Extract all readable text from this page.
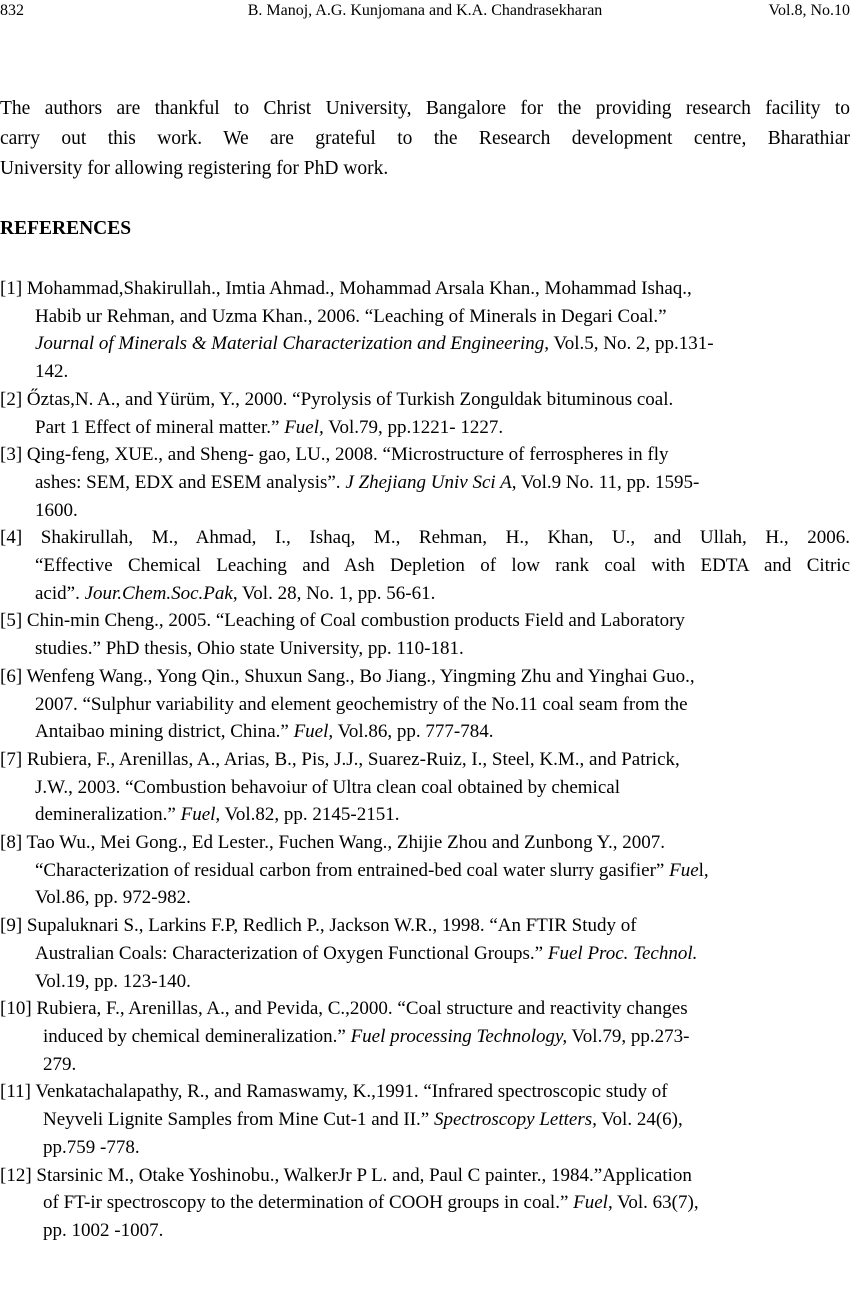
832	B. Manoj, A.G. Kunjomana and K.A. Chandrasekharan	Vol.8, No.10

The authors are thankful to Christ University, Bangalore for the providing research facility to
carry out this work. We are grateful to the Research development centre, Bharathiar
University for allowing registering for PhD work.

REFERENCES

[1] Mohammad,Shakirullah., Imtia Ahmad., Mohammad Arsala Khan., Mohammad Ishaq.,
Habib ur Rehman, and Uzma Khan., 2006. “Leaching of Minerals in Degari Coal.”
Journal of Minerals & Material Characterization and Engineering, Vol.5, No. 2, pp.131-
142.

[2] Őztas,N. A., and Yürüm, Y., 2000. “Pyrolysis of Turkish Zonguldak bituminous coal.
Part 1 Effect of mineral matter.” Fuel, Vol.79, pp.1221- 1227.

[3] Qing-feng, XUE., and Sheng- gao, LU., 2008. “Microstructure of ferrospheres in fly
ashes: SEM, EDX and ESEM analysis”. J Zhejiang Univ Sci A, Vol.9 No. 11, pp. 1595-
1600.

[4] Shakirullah, M., Ahmad, I., Ishaq, M., Rehman, H., Khan, U., and Ullah, H., 2006.
“Effective Chemical Leaching and Ash Depletion of low rank coal with EDTA and Citric
acid”. Jour.Chem.Soc.Pak, Vol. 28, No. 1, pp. 56-61.

[5] Chin-min Cheng., 2005. “Leaching of Coal combustion products Field and Laboratory
studies.” PhD thesis, Ohio state University, pp. 110-181.

[6] Wenfeng Wang., Yong Qin., Shuxun Sang., Bo Jiang., Yingming Zhu and Yinghai Guo.,
2007. “Sulphur variability and element geochemistry of the No.11 coal seam from the
Antaibao mining district, China.” Fuel, Vol.86, pp. 777-784.

[7] Rubiera, F., Arenillas, A., Arias, B., Pis, J.J., Suarez-Ruiz, I., Steel, K.M., and Patrick,
J.W., 2003. “Combustion behavoiur of Ultra clean coal obtained by chemical
demineralization.” Fuel, Vol.82, pp. 2145-2151.

[8] Tao Wu., Mei Gong., Ed Lester., Fuchen Wang., Zhijie Zhou and Zunbong Y., 2007.
“Characterization of residual carbon from entrained-bed coal water slurry gasifier” Fuel,
Vol.86, pp. 972-982.

[9] Supaluknari S., Larkins F.P, Redlich P., Jackson W.R., 1998. “An FTIR Study of
Australian Coals: Characterization of Oxygen Functional Groups.” Fuel Proc. Technol.
Vol.19, pp. 123-140.

[10] Rubiera, F., Arenillas, A., and Pevida, C.,2000. “Coal structure and reactivity changes
induced by chemical demineralization.” Fuel processing Technology, Vol.79, pp.273-
279.

[11] Venkatachalapathy, R., and Ramaswamy, K.,1991. “Infrared spectroscopic study of
Neyveli Lignite Samples from Mine Cut-1 and II.” Spectroscopy Letters, Vol. 24(6),
pp.759 -778.

[12] Starsinic M., Otake Yoshinobu., WalkerJr P L. and, Paul C painter., 1984.”Application
of FT-ir spectroscopy to the determination of COOH groups in coal.” Fuel, Vol. 63(7),
pp. 1002 -1007.
